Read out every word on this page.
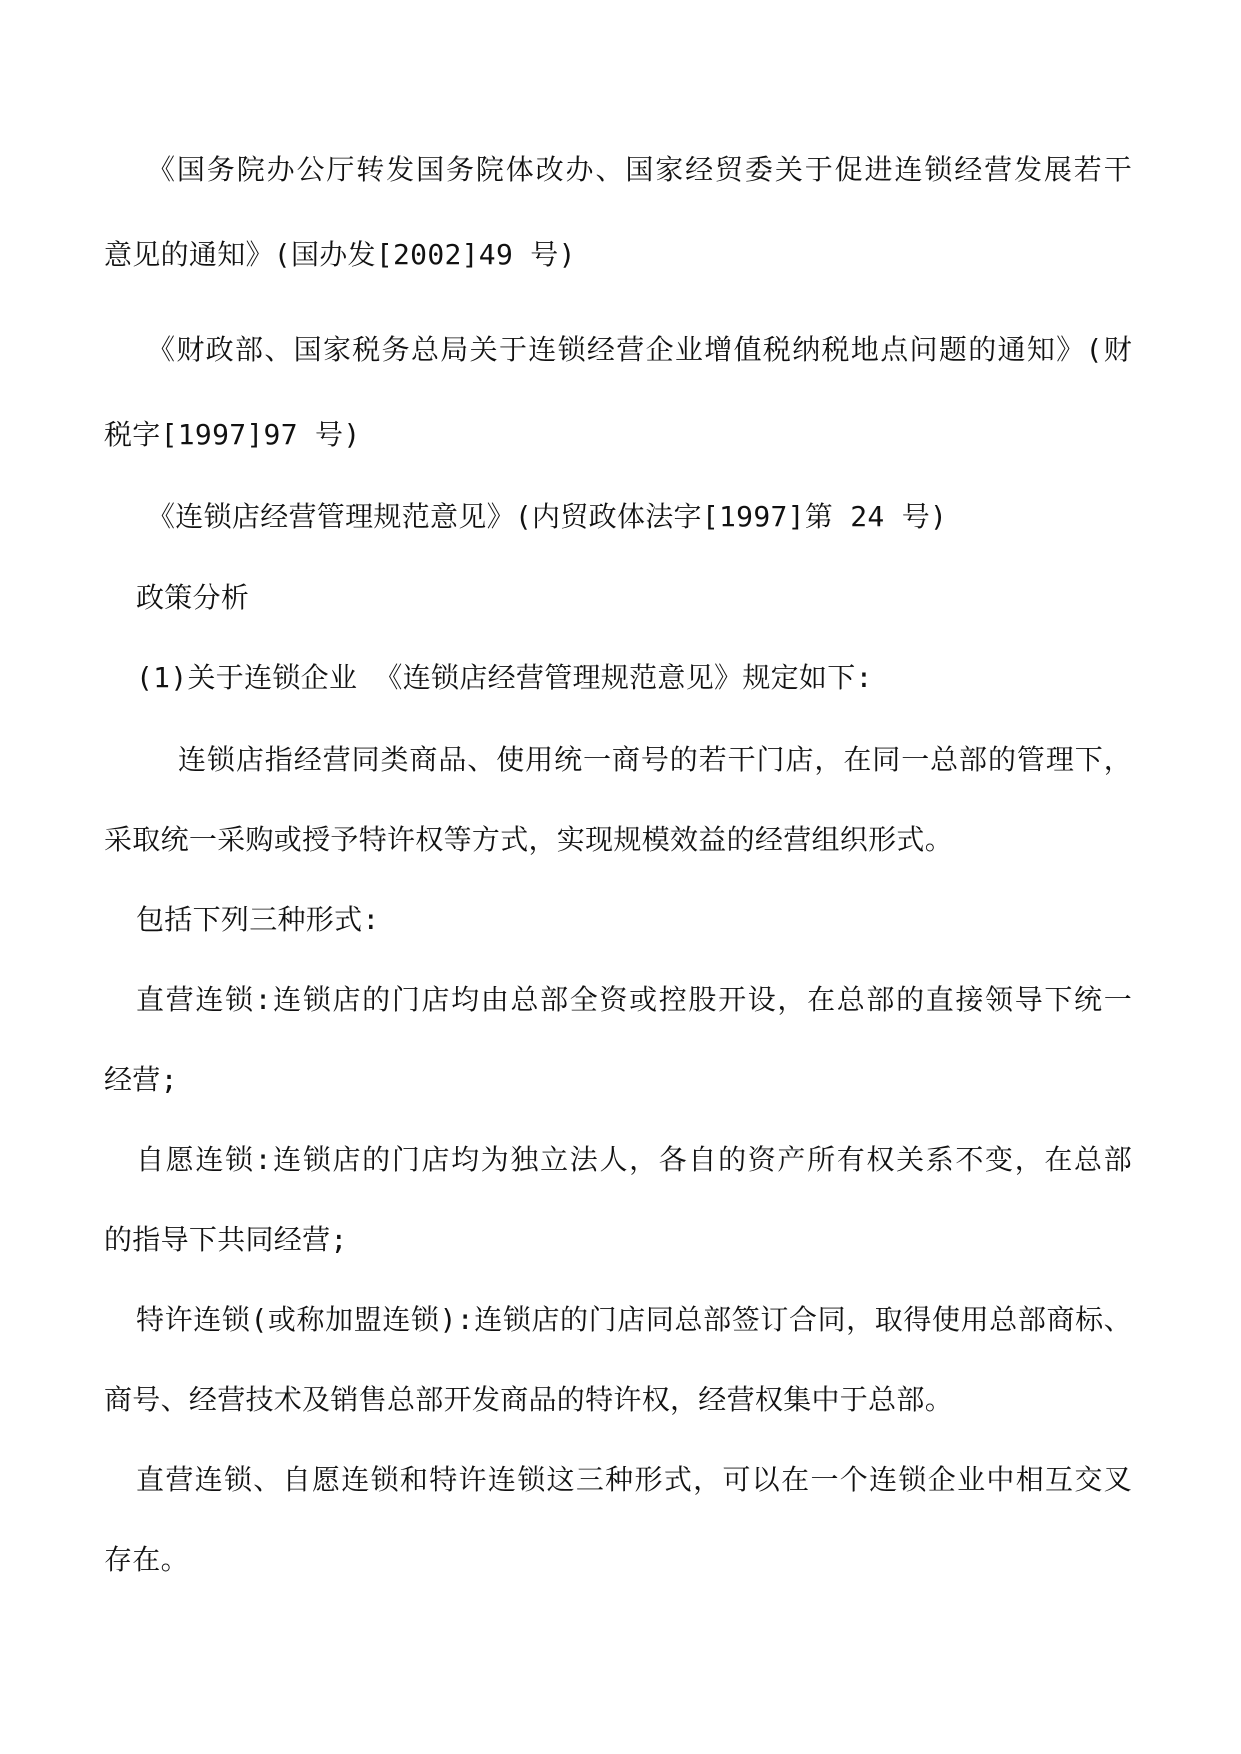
《国务院办公厅转发国务院体改办、国家经贸委关于促进连锁经营发展若干
意见的通知》(国办发[2002]49 号)
《财政部、国家税务总局关于连锁经营企业增值税纳税地点问题的通知》(财
税字[1997]97 号)
《连锁店经营管理规范意见》(内贸政体法字[1997]第 24 号)
政策分析
(1)关于连锁企业 《连锁店经营管理规范意见》规定如下:
连锁店指经营同类商品、使用统一商号的若干门店，在同一总部的管理下，
采取统一采购或授予特许权等方式，实现规模效益的经营组织形式。
包括下列三种形式:
直营连锁:连锁店的门店均由总部全资或控股开设，在总部的直接领导下统一
经营;
自愿连锁:连锁店的门店均为独立法人，各自的资产所有权关系不变，在总部
的指导下共同经营;
特许连锁(或称加盟连锁):连锁店的门店同总部签订合同，取得使用总部商标、
商号、经营技术及销售总部开发商品的特许权，经营权集中于总部。
直营连锁、自愿连锁和特许连锁这三种形式，可以在一个连锁企业中相互交叉
存在。
